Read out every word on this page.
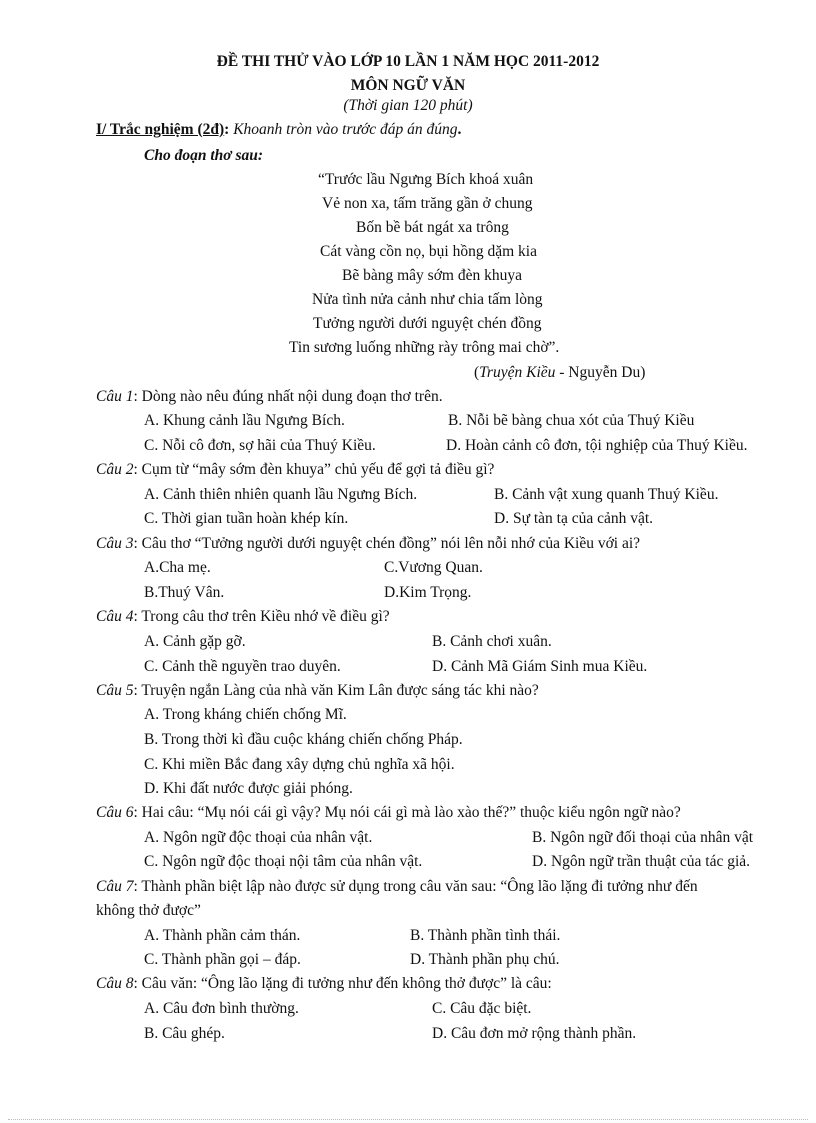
ĐỀ THI THỬ VÀO LỚP 10 LẦN 1 NĂM HỌC 2011-2012
MÔN NGỮ VĂN
(Thời gian 120 phút)
I/ Trắc nghiệm (2đ): Khoanh tròn vào trước đáp án đúng.
Cho đoạn thơ sau:
“Trước lầu Ngưng Bích khoá xuân
Vẻ non xa, tấm trăng gần ở chung
Bốn bề bát ngát xa trông
Cát vàng cồn nọ, bụi hồng dặm kia
Bẽ bàng mây sớm đèn khuya
Nửa tình nửa cảnh như chia tấm lòng
Tưởng người dưới nguyệt chén đồng
Tin sương luống những rày trông mai chờ”.
(Truyện Kiều - Nguyễn Du)
Câu 1: Dòng nào nêu đúng nhất nội dung đoạn thơ trên.
A. Khung cảnh lầu Ngưng Bích.	B. Nỗi bẽ bàng chua xót của Thuý Kiều
C. Nỗi cô đơn, sợ hãi của Thuý Kiều.	D. Hoàn cảnh cô đơn, tội nghiệp của Thuý Kiều.
Câu 2: Cụm từ “mây sớm đèn khuya” chủ yếu để gợi tả điều gì?
A. Cảnh thiên nhiên quanh lầu Ngưng Bích.	B. Cảnh vật xung quanh Thuý Kiều.
C. Thời gian tuần hoàn khép kín.	D. Sự tàn tạ của cảnh vật.
Câu 3: Câu thơ “Tưởng người dưới nguyệt chén đồng” nói lên nỗi nhớ của Kiều với ai?
A.Cha mẹ.	C.Vương Quan.
B.Thuý Vân.	D.Kim Trọng.
Câu 4: Trong câu thơ trên Kiều nhớ về điều gì?
A. Cảnh gặp gỡ.	B. Cảnh chơi xuân.
C. Cảnh thề nguyền trao duyên.	D. Cảnh Mã Giám Sinh mua Kiều.
Câu 5: Truyện ngắn Làng của nhà văn Kim Lân được sáng tác khi nào?
A. Trong kháng chiến chống Mĩ.
B. Trong thời kì đầu cuộc kháng chiến chống Pháp.
C. Khi miền Bắc đang xây dựng chủ nghĩa xã hội.
D. Khi đất nước được giải phóng.
Câu 6: Hai câu: “Mụ nói cái gì vậy? Mụ nói cái gì mà lào xào thế?” thuộc kiểu ngôn ngữ nào?
A. Ngôn ngữ độc thoại của nhân vật.	B. Ngôn ngữ đối thoại của nhân vật
C. Ngôn ngữ độc thoại nội tâm của nhân vật.	D. Ngôn ngữ trần thuật của tác giả.
Câu 7: Thành phần biệt lập nào được sử dụng trong câu văn sau: “Ông lão lặng đi tưởng như đến
không thở được”
A. Thành phần cảm thán.	B. Thành phần tình thái.
C. Thành phần gọi – đáp.	D. Thành phần phụ chú.
Câu 8: Câu văn: “Ông lão lặng đi tưởng như đến không thở được” là câu:
A. Câu đơn bình thường.	C. Câu đặc biệt.
B. Câu ghép.	D. Câu đơn mở rộng thành phần.
